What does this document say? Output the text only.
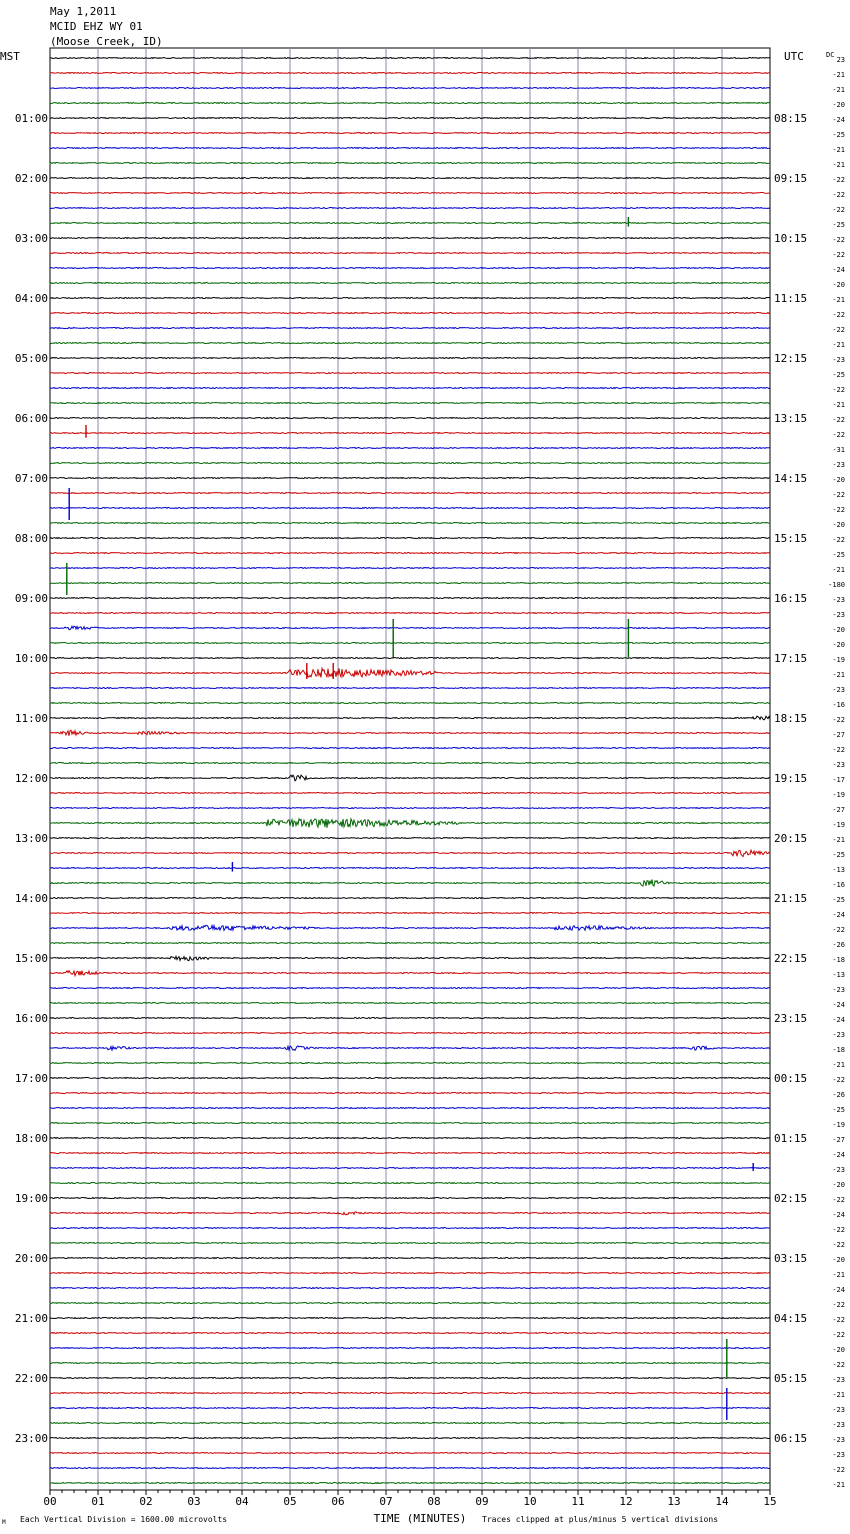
May 1,2011
MCID EHZ WY 01
(Moose Creek, ID)
23
-21
-21
-20
-24
-25
-21
-21
-22
-22
-22
-25
-22
-22
-24
-20
-21
-22
-22
-21
-23
-25
-22
-21
-22
-22
-31
-23
-20
-22
-22
-20
-22
-25
-21
-180
-23
-23
-20
-20
-19
-21
-23
-16
-22
-27
-22
-23
-17
-19
-27
-19
-21
-25
-13
-16
-25
-24
-22
-26
-18
-13
-23
-24
-24
-23
-18
-21
-22
-26
-25
-19
-27
-24
-23
-20
-22
-24
-22
-22
-20
-21
-24
-22
-22
-22
-20
-22
-23
-21
-23
-23
-23
-23
-22
-21
MST	UTC	DC
01:00
02:00
03:00
04:00
05:00
06:00
07:00
08:00
09:00
10:00
11:00
12:00
13:00
14:00
15:00
16:00
17:00
18:00
19:00
20:00
21:00
22:00
23:00
08:15
09:15
10:15
11:15
12:15
13:15
14:15
15:15
16:15
17:15
18:15
19:15
20:15
21:15
22:15
23:15
00:15
01:15
02:15
03:15
04:15
05:15
06:15
00	01	02	03	04	05	06	07	08	09	10	11	12	13	14	15
TIME (MINUTES)
Each Vertical Division = 1600.00 microvolts	Traces clipped at plus/minus 5 vertical divisions
M
